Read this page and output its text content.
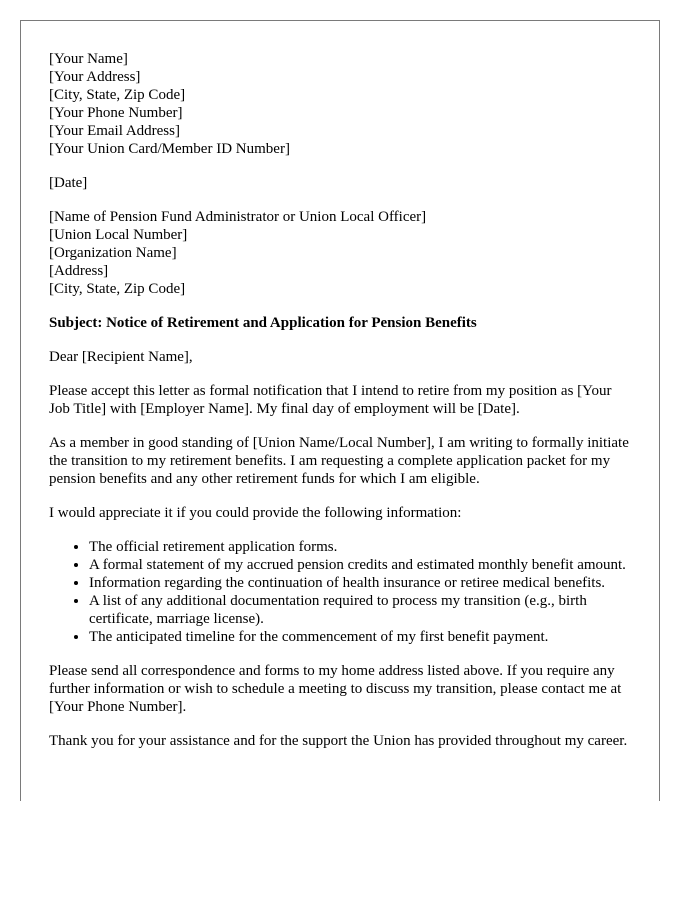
[Your Name]
[Your Address]
[City, State, Zip Code]
[Your Phone Number]
[Your Email Address]
[Your Union Card/Member ID Number]
[Date]
[Name of Pension Fund Administrator or Union Local Officer]
[Union Local Number]
[Organization Name]
[Address]
[City, State, Zip Code]
Subject: Notice of Retirement and Application for Pension Benefits

Dear [Recipient Name],

Please accept this letter as formal notification that I intend to retire from my position as [Your Job Title] with [Employer Name]. My final day of employment will be [Date].

As a member in good standing of [Union Name/Local Number], I am writing to formally initiate the transition to my retirement benefits. I am requesting a complete application packet for my pension benefits and any other retirement funds for which I am eligible.

I would appreciate it if you could provide the following information:

• The official retirement application forms.
• A formal statement of my accrued pension credits and estimated monthly benefit amount.
• Information regarding the continuation of health insurance or retiree medical benefits.
• A list of any additional documentation required to process my transition (e.g., birth certificate, marriage license).
• The anticipated timeline for the commencement of my first benefit payment.

Please send all correspondence and forms to my home address listed above. If you require any further information or wish to schedule a meeting to discuss my transition, please contact me at [Your Phone Number].

Thank you for your assistance and for the support the Union has provided throughout my career.
